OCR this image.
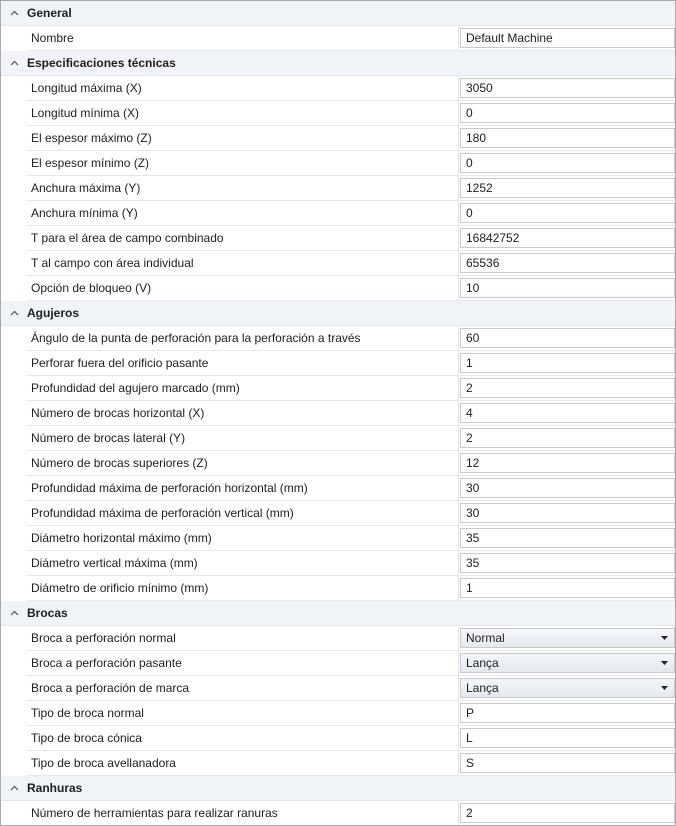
General
Nombre	Default Machine
Especificaciones técnicas
Longitud máxima (X)	3050
Longitud mínima (X)	0
El espesor máximo (Z)	180
El espesor mínimo (Z)	0
Anchura máxima (Y)	1252
Anchura mínima (Y)	0
T para el área de campo combinado	16842752
T al campo con área individual	65536
Opción de bloqueo (V)	10
Agujeros
Ángulo de la punta de perforación para la perforación a través	60
Perforar fuera del orificio pasante	1
Profundidad del agujero marcado (mm)	2
Número de brocas horizontal (X)	4
Número de brocas lateral (Y)	2
Número de brocas superiores (Z)	12
Profundidad máxima de perforación horizontal (mm)	30
Profundidad máxima de perforación vertical (mm)	30
Diámetro horizontal máximo (mm)	35
Diámetro vertical máxima (mm)	35
Diámetro de orificio mínimo (mm)	1
Brocas
Broca a perforación normal	Normal
Broca a perforación pasante	Lança
Broca a perforación de marca	Lança
Tipo de broca normal	P
Tipo de broca cónica	L
Tipo de broca avellanadora	S
Ranhuras
Número de herramientas para realizar ranuras	2
